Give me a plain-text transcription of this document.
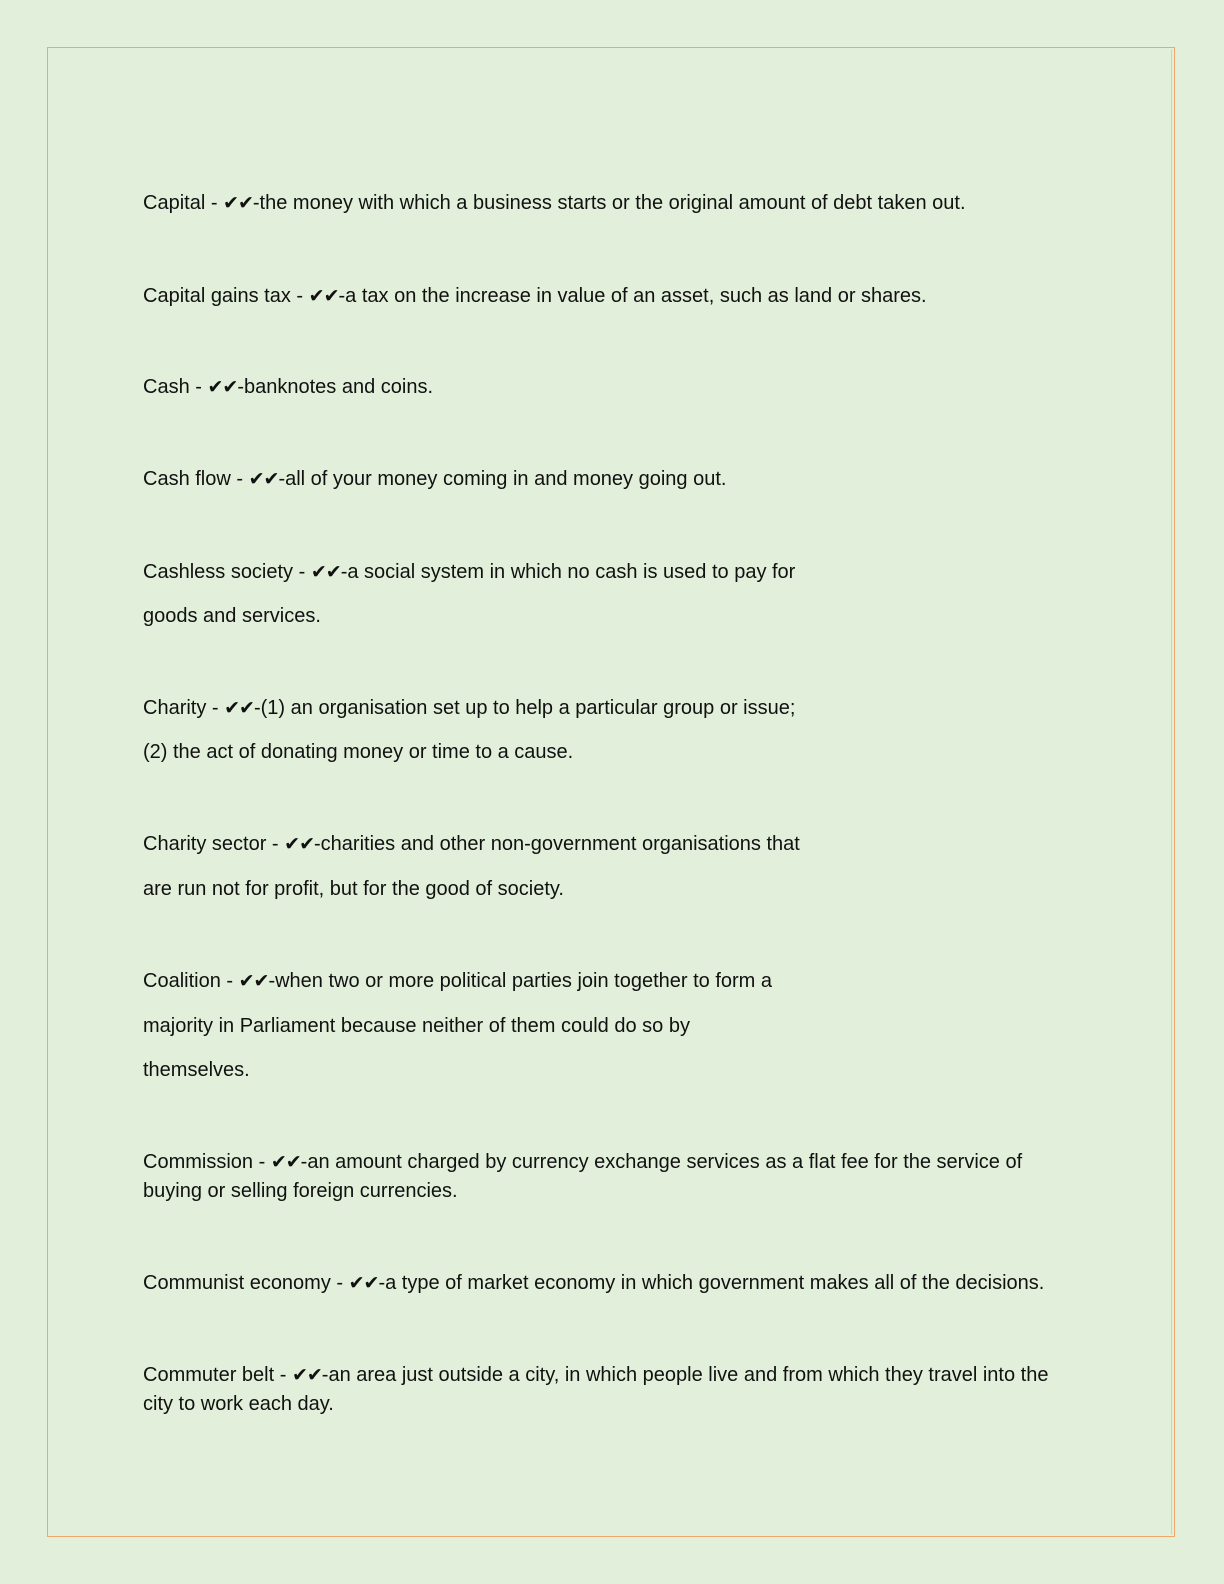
Capital - ✔✔-the money with which a business starts or the original amount of debt taken out.
Capital gains tax - ✔✔-a tax on the increase in value of an asset, such as land or shares.
Cash - ✔✔-banknotes and coins.
Cash flow - ✔✔-all of your money coming in and money going out.
Cashless society - ✔✔-a social system in which no cash is used to pay for
goods and services.
Charity - ✔✔-(1) an organisation set up to help a particular group or issue;
(2) the act of donating money or time to a cause.
Charity sector - ✔✔-charities and other non-government organisations that
are run not for profit, but for the good of society.
Coalition - ✔✔-when two or more political parties join together to form a
majority in Parliament because neither of them could do so by
themselves.
Commission - ✔✔-an amount charged by currency exchange services as a flat fee for the service of
buying or selling foreign currencies.
Communist economy - ✔✔-a type of market economy in which government makes all of the decisions.
Commuter belt - ✔✔-an area just outside a city, in which people live and from which they travel into the
city to work each day.
